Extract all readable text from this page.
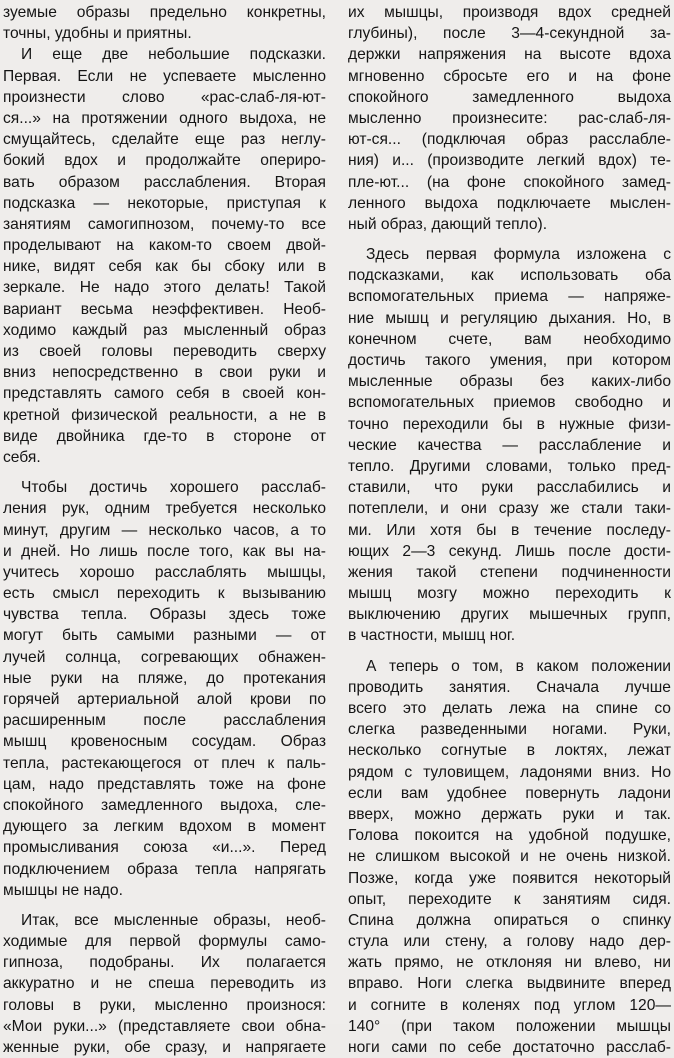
зуемые образы предельно конкретны,
точны, удобны и приятны.
И еще две небольшие подсказки.
Первая. Если не успеваете мысленно
произнести слово «рас-слаб-ля-ют-
ся...» на протяжении одного выдоха, не
смущайтесь, сделайте еще раз неглу-
бокий вдох и продолжайте опериро-
вать образом расслабления. Вторая
подсказка — некоторые, приступая к
занятиям самогипнозом, почему-то все
проделывают на каком-то своем двой-
нике, видят себя как бы сбоку или в
зеркале. Не надо этого делать! Такой
вариант весьма неэффективен. Необ-
ходимо каждый раз мысленный образ
из своей головы переводить сверху
вниз непосредственно в свои руки и
представлять самого себя в своей кон-
кретной физической реальности, а не в
виде двойника где-то в стороне от
себя.
Чтобы достичь хорошего расслаб-
ления рук, одним требуется несколько
минут, другим — несколько часов, а то
и дней. Но лишь после того, как вы на-
учитесь хорошо расслаблять мышцы,
есть смысл переходить к вызыванию
чувства тепла. Образы здесь тоже
могут быть самыми разными — от
лучей солнца, согревающих обнажен-
ные руки на пляже, до протекания
горячей артериальной алой крови по
расширенным после расслабления
мышц кровеносным сосудам. Образ
тепла, растекающегося от плеч к паль-
цам, надо представлять тоже на фоне
спокойного замедленного выдоха, сле-
дующего за легким вдохом в момент
промысливания союза «и...». Перед
подключением образа тепла напрягать
мышцы не надо.
Итак, все мысленные образы, необ-
ходимые для первой формулы само-
гипноза, подобраны. Их полагается
аккуратно и не спеша переводить из
головы в руки, мысленно произнося:
«Мои руки...» (представляете свои обна-
женные руки, обе сразу, и напрягаете
их мышцы, производя вдох средней
глубины), после 3—4-секундной за-
держки напряжения на высоте вдоха
мгновенно сбросьте его и на фоне
спокойного замедленного выдоха
мысленно произнесите: рас-слаб-ля-
ют-ся... (подключая образ расслабле-
ния) и... (производите легкий вдох) те-
пле-ют... (на фоне спокойного замед-
ленного выдоха подключаете мыслен-
ный образ, дающий тепло).
Здесь первая формула изложена с
подсказками, как использовать оба
вспомогательных приема — напряже-
ние мышц и регуляцию дыхания. Но, в
конечном счете, вам необходимо
достичь такого умения, при котором
мысленные образы без каких-либо
вспомогательных приемов свободно и
точно переходили бы в нужные физи-
ческие качества — расслабление и
тепло. Другими словами, только пред-
ставили, что руки расслабились и
потеплели, и они сразу же стали таки-
ми. Или хотя бы в течение последу-
ющих 2—3 секунд. Лишь после дости-
жения такой степени подчиненности
мышц мозгу можно переходить к
выключению других мышечных групп,
в частности, мышц ног.
А теперь о том, в каком положении
проводить занятия. Сначала лучше
всего это делать лежа на спине со
слегка разведенными ногами. Руки,
несколько согнутые в локтях, лежат
рядом с туловищем, ладонями вниз. Но
если вам удобнее повернуть ладони
вверх, можно держать руки и так.
Голова покоится на удобной подушке,
не слишком высокой и не очень низкой.
Позже, когда уже появится некоторый
опыт, переходите к занятиям сидя.
Спина должна опираться о спинку
стула или стену, а голову надо дер-
жать прямо, не отклоняя ни влево, ни
вправо. Ноги слегка выдвините вперед
и согните в коленях под углом 120—
140° (при таком положении мышцы
ноги сами по себе достаточно расслаб-
